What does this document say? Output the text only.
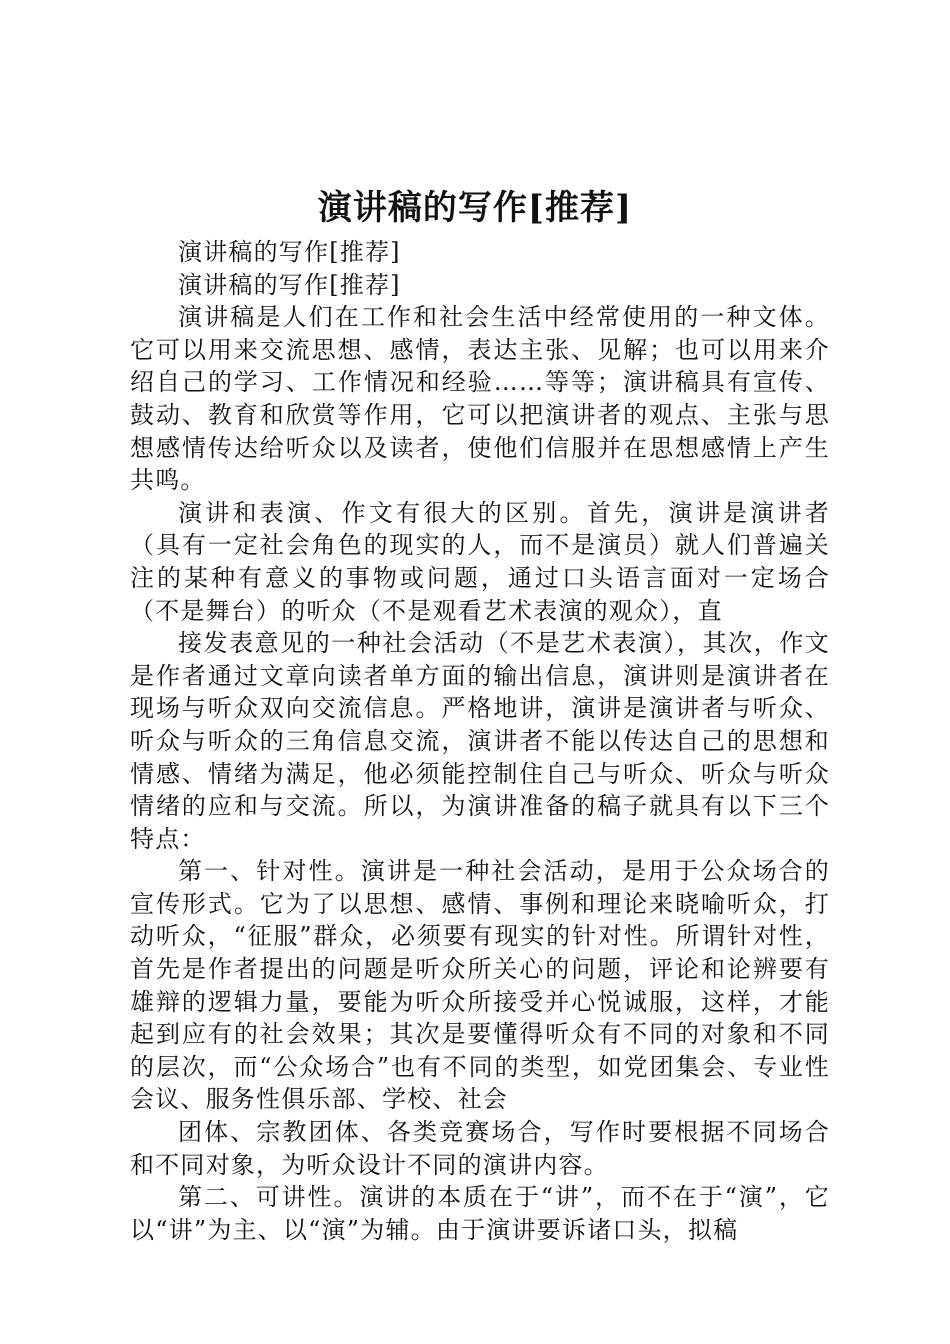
演讲稿的写作[推荐]

演讲稿的写作[推荐]

演讲稿的写作[推荐]

演讲稿是人们在工作和社会生活中经常使用的一种文体。它可以用来交流思想、感情，表达主张、见解；也可以用来介绍自己的学习、工作情况和经验……等等；演讲稿具有宣传、鼓动、教育和欣赏等作用，它可以把演讲者的观点、主张与思想感情传达给听众以及读者，使他们信服并在思想感情上产生共鸣。

演讲和表演、作文有很大的区别。首先，演讲是演讲者（具有一定社会角色的现实的人，而不是演员）就人们普遍关注的某种有意义的事物或问题，通过口头语言面对一定场合（不是舞台）的听众（不是观看艺术表演的观众），直

接发表意见的一种社会活动（不是艺术表演），其次，作文是作者通过文章向读者单方面的输出信息，演讲则是演讲者在现场与听众双向交流信息。严格地讲，演讲是演讲者与听众、听众与听众的三角信息交流，演讲者不能以传达自己的思想和情感、情绪为满足，他必须能控制住自己与听众、听众与听众情绪的应和与交流。所以，为演讲准备的稿子就具有以下三个特点：

第一、针对性。演讲是一种社会活动，是用于公众场合的宣传形式。它为了以思想、感情、事例和理论来晓喻听众，打动听众，“征服”群众，必须要有现实的针对性。所谓针对性，首先是作者提出的问题是听众所关心的问题，评论和论辨要有雄辩的逻辑力量，要能为听众所接受并心悦诚服，这样，才能起到应有的社会效果；其次是要懂得听众有不同的对象和不同的层次，而“公众场合”也有不同的类型，如党团集会、专业性会议、服务性俱乐部、学校、社会

团体、宗教团体、各类竞赛场合，写作时要根据不同场合和不同对象，为听众设计不同的演讲内容。

第二、可讲性。演讲的本质在于“讲”，而不在于“演”，它以“讲”为主、以“演”为辅。由于演讲要诉诸口头，拟稿
